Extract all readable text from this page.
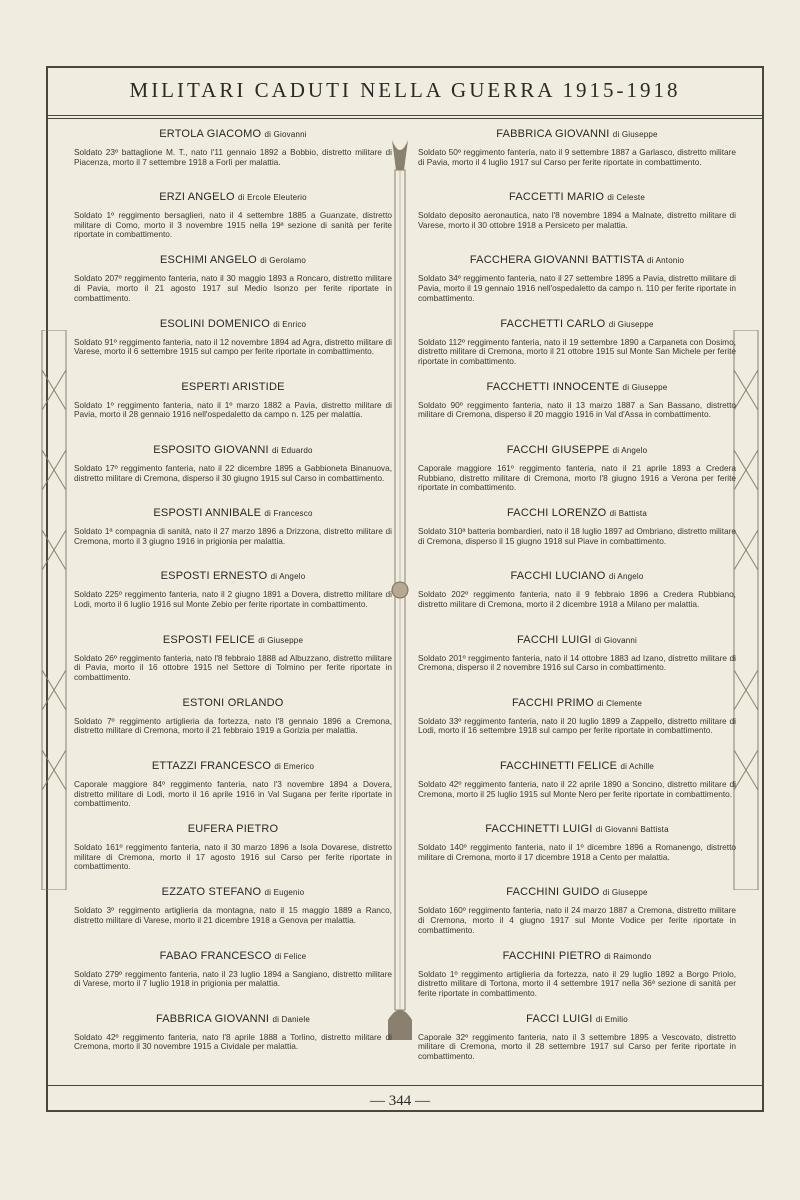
MILITARI CADUTI NELLA GUERRA 1915-1918
ERTOLA GIACOMO di Giovanni
Soldato 23º battaglione M. T., nato l'11 gennaio 1892 a Bobbio, distretto militare di Piacenza, morto il 7 settembre 1918 a Forlì per malattia.
ERZI ANGELO di Ercole Eleuterio
Soldato 1º reggimento bersaglieri, nato il 4 settembre 1885 a Guanzate, distretto militare di Como, morto il 3 novembre 1915 nella 19ª sezione di sanità per ferite riportate in combattimento.
ESCHIMI ANGELO di Gerolamo
Soldato 207º reggimento fanteria, nato il 30 maggio 1893 a Roncaro, distretto militare di Pavia, morto il 21 agosto 1917 sul Medio Isonzo per ferite riportate in combattimento.
ESOLINI DOMENICO di Enrico
Soldato 91º reggimento fanteria, nato il 12 novembre 1894 ad Agra, distretto militare di Varese, morto il 6 settembre 1915 sul campo per ferite riportate in combattimento.
ESPERTI ARISTIDE
Soldato 1º reggimento fanteria, nato il 1º marzo 1882 a Pavia, distretto militare di Pavia, morto il 28 gennaio 1916 nell'ospedaletto da campo n. 125 per malattia.
ESPOSITO GIOVANNI di Eduardo
Soldato 17º reggimento fanteria, nato il 22 dicembre 1895 a Gabbioneta Binanuova, distretto militare di Cremona, disperso il 30 giugno 1915 sul Carso in combattimento.
ESPOSTI ANNIBALE di Francesco
Soldato 1ª compagnia di sanità, nato il 27 marzo 1896 a Drizzona, distretto militare di Cremona, morto il 3 giugno 1916 in prigionia per malattia.
ESPOSTI ERNESTO di Angelo
Soldato 225º reggimento fanteria, nato il 2 giugno 1891 a Dovera, distretto militare di Lodi, morto il 6 luglio 1916 sul Monte Zebio per ferite riportate in combattimento.
ESPOSTI FELICE di Giuseppe
Soldato 26º reggimento fanteria, nato l'8 febbraio 1888 ad Albuzzano, distretto militare di Pavia, morto il 16 ottobre 1915 nel Settore di Tolmino per ferite riportate in combattimento.
ESTONI ORLANDO
Soldato 7º reggimento artiglieria da fortezza, nato l'8 gennaio 1896 a Cremona, distretto militare di Cremona, morto il 21 febbraio 1919 a Gorizia per malattia.
ETTAZZI FRANCESCO di Emerico
Caporale maggiore 84º reggimento fanteria, nato l'3 novembre 1894 a Dovera, distretto militare di Lodi, morto il 16 aprile 1916 in Val Sugana per ferite riportate in combattimento.
EUFERA PIETRO
Soldato 161º reggimento fanteria, nato il 30 marzo 1896 a Isola Dovarese, distretto militare di Cremona, morto il 17 agosto 1916 sul Carso per ferite riportate in combattimento.
EZZATO STEFANO di Eugenio
Soldato 3º reggimento artiglieria da montagna, nato il 15 maggio 1889 a Ranco, distretto militare di Varese, morto il 21 dicembre 1918 a Genova per malattia.
FABAO FRANCESCO di Felice
Soldato 279º reggimento fanteria, nato il 23 luglio 1894 a Sangiano, distretto militare di Varese, morto il 7 luglio 1918 in prigionia per malattia.
FABBRICA GIOVANNI di Daniele
Soldato 42º reggimento fanteria, nato l'8 aprile 1888 a Torlino, distretto militare di Cremona, morto il 30 novembre 1915 a Cividale per malattia.
FABBRICA GIOVANNI di Giuseppe
Soldato 50º reggimento fanteria, nato il 9 settembre 1887 a Garlasco, distretto militare di Pavia, morto il 4 luglio 1917 sul Carso per ferite riportate in combattimento.
FACCETTI MARIO di Celeste
Soldato deposito aeronautica, nato l'8 novembre 1894 a Malnate, distretto militare di Varese, morto il 30 ottobre 1918 a Persiceto per malattia.
FACCHERA GIOVANNI BATTISTA di Antonio
Soldato 34º reggimento fanteria, nato il 27 settembre 1895 a Pavia, distretto militare di Pavia, morto il 19 gennaio 1916 nell'ospedaletto da campo n. 110 per ferite riportate in combattimento.
FACCHETTI CARLO di Giuseppe
Soldato 112º reggimento fanteria, nato il 19 settembre 1890 a Carpaneta con Dosimo, distretto militare di Cremona, morto il 21 ottobre 1915 sul Monte San Michele per ferite riportate in combattimento.
FACCHETTI INNOCENTE di Giuseppe
Soldato 90º reggimento fanteria, nato il 13 marzo 1887 a San Bassano, distretto militare di Cremona, disperso il 20 maggio 1916 in Val d'Assa in combattimento.
FACCHI GIUSEPPE di Angelo
Caporale maggiore 161º reggimento fanteria, nato il 21 aprile 1893 a Credera Rubbiano, distretto militare di Cremona, morto l'8 giugno 1916 a Verona per ferite riportate in combattimento.
FACCHI LORENZO di Battista
Soldato 310ª batteria bombardieri, nato il 18 luglio 1897 ad Ombriano, distretto militare di Cremona, disperso il 15 giugno 1918 sul Piave in combattimento.
FACCHI LUCIANO di Angelo
Soldato 202º reggimento fanteria, nato il 9 febbraio 1896 a Credera Rubbiano, distretto militare di Cremona, morto il 2 dicembre 1918 a Milano per malattia.
FACCHI LUIGI di Giovanni
Soldato 201º reggimento fanteria, nato il 14 ottobre 1883 ad Izano, distretto militare di Cremona, disperso il 2 novembre 1916 sul Carso in combattimento.
FACCHI PRIMO di Clemente
Soldato 33º reggimento fanteria, nato il 20 luglio 1899 a Zappello, distretto militare di Lodi, morto il 16 settembre 1918 sul campo per ferite riportate in combattimento.
FACCHINETTI FELICE di Achille
Soldato 42º reggimento fanteria, nato il 22 aprile 1890 a Soncino, distretto militare di Cremona, morto il 25 luglio 1915 sul Monte Nero per ferite riportate in combattimento.
FACCHINETTI LUIGI di Giovanni Battista
Soldato 140º reggimento fanteria, nato il 1º dicembre 1896 a Romanengo, distretto militare di Cremona, morto il 17 dicembre 1918 a Cento per malattia.
FACCHINI GUIDO di Giuseppe
Soldato 160º reggimento fanteria, nato il 24 marzo 1887 a Cremona, distretto militare di Cremona, morto il 4 giugno 1917 sul Monte Vodice per ferite riportate in combattimento.
FACCHINI PIETRO di Raimondo
Soldato 1º reggimento artiglieria da fortezza, nato il 29 luglio 1892 a Borgo Priolo, distretto militare di Tortona, morto il 4 settembre 1917 nella 36ª sezione di sanità per ferite riportate in combattimento.
FACCI LUIGI di Emilio
Caporale 32º reggimento fanteria, nato il 3 settembre 1895 a Vescovato, distretto militare di Cremona, morto il 28 settembre 1917 sul Carso per ferite riportate in combattimento.
— 344 —
